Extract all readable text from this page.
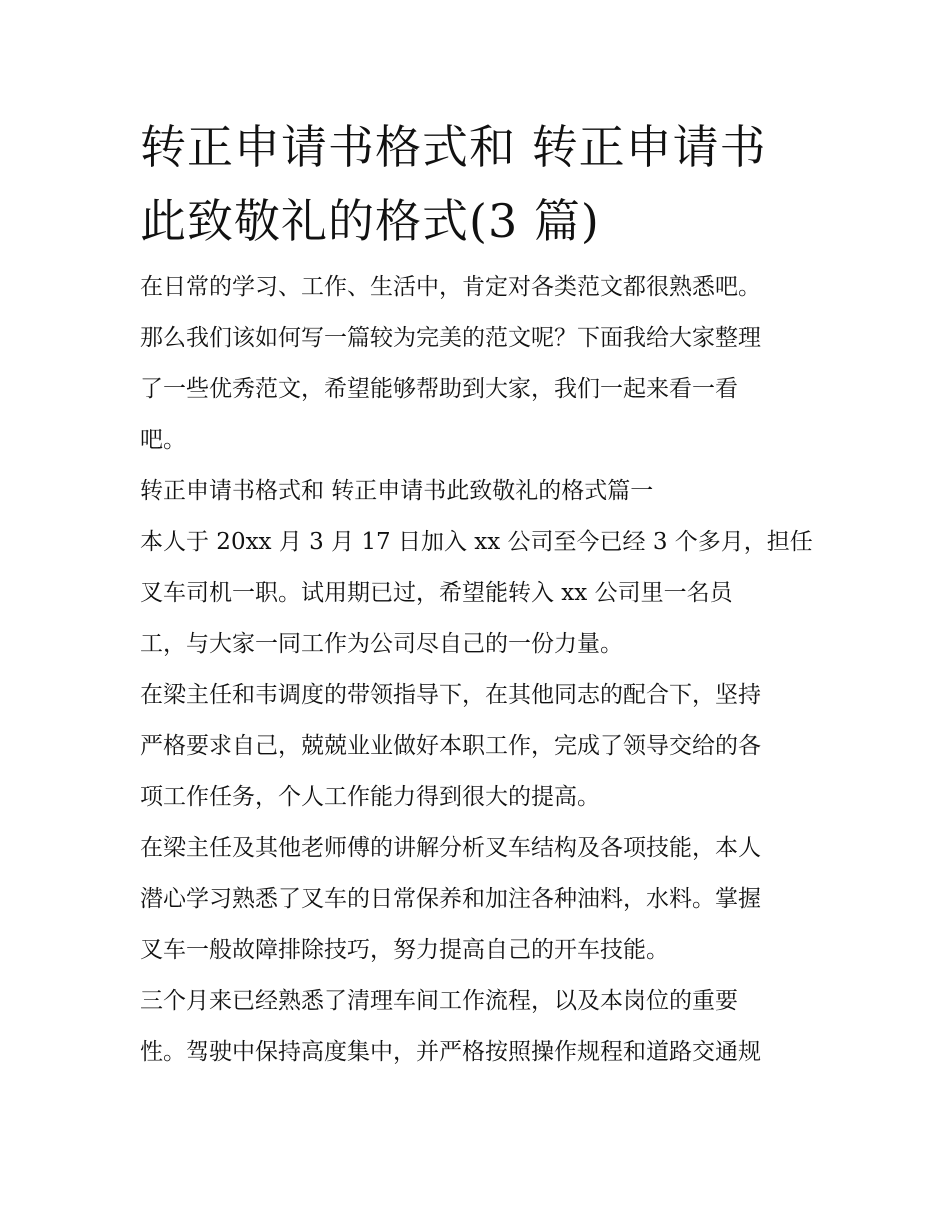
转正申请书格式和 转正申请书
此致敬礼的格式(3 篇)
在日常的学习、工作、生活中，肯定对各类范文都很熟悉吧。
那么我们该如何写一篇较为完美的范文呢？下面我给大家整理
了一些优秀范文，希望能够帮助到大家，我们一起来看一看
吧。
转正申请书格式和 转正申请书此致敬礼的格式篇一
本人于 20xx 月 3 月 17 日加入 xx 公司至今已经 3 个多月，担任
叉车司机一职。试用期已过，希望能转入 xx 公司里一名员
工，与大家一同工作为公司尽自己的一份力量。
在梁主任和韦调度的带领指导下，在其他同志的配合下，坚持
严格要求自己，兢兢业业做好本职工作，完成了领导交给的各
项工作任务，个人工作能力得到很大的提高。
在梁主任及其他老师傅的讲解分析叉车结构及各项技能，本人
潜心学习熟悉了叉车的日常保养和加注各种油料，水料。掌握
叉车一般故障排除技巧，努力提高自己的开车技能。
三个月来已经熟悉了清理车间工作流程，以及本岗位的重要
性。驾驶中保持高度集中，并严格按照操作规程和道路交通规
